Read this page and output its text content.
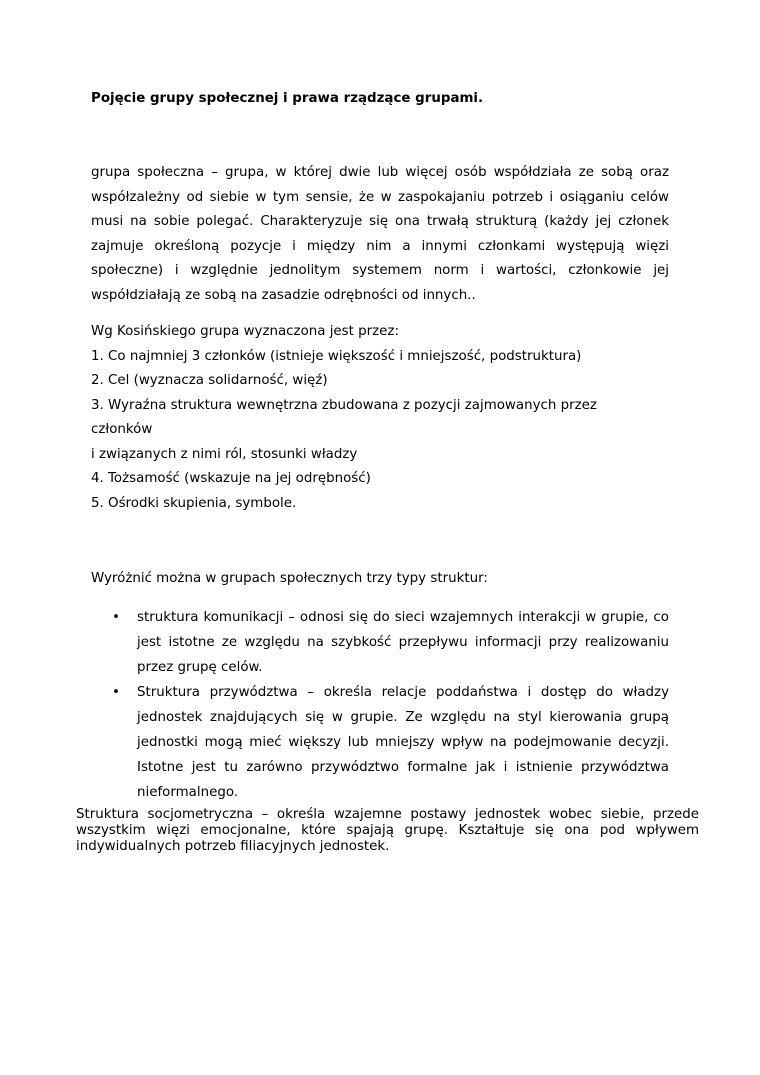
Pojęcie grupy społecznej i prawa rządzące grupami.

grupa społeczna – grupa, w której dwie lub więcej osób współdziała ze sobą oraz współzależny od siebie w tym sensie, że w zaspokajaniu potrzeb i osiąganiu celów musi na sobie polegać. Charakteryzuje się ona trwałą strukturą (każdy jej członek zajmuje określoną pozycje i między nim a innymi członkami występują więzi społeczne) i względnie jednolitym systemem norm i wartości, członkowie jej współdziałają ze sobą na zasadzie odrębności od innych..

Wg Kosińskiego grupa wyznaczona jest przez:
1. Co najmniej 3 członków (istnieje większość i mniejszość, podstruktura)
2. Cel (wyznacza solidarność, więź)
3. Wyraźna struktura wewnętrzna zbudowana z pozycji zajmowanych przez
członków
i związanych z nimi ról, stosunki władzy
4. Tożsamość (wskazuje na jej odrębność)
5. Ośrodki skupienia, symbole.
Wyróżnić można w grupach społecznych trzy typy struktur:
•	struktura komunikacji – odnosi się do sieci wzajemnych interakcji w grupie, co jest istotne ze względu na szybkość przepływu informacji przy realizowaniu przez grupę celów.
•	Struktura przywództwa – określa relacje poddaństwa i dostęp do władzy jednostek znajdujących się w grupie. Ze względu na styl kierowania grupą jednostki mogą mieć większy lub mniejszy wpływ na podejmowanie decyzji. Istotne jest tu zarówno przywództwo formalne jak i istnienie przywództwa nieformalnego.
Struktura socjometryczna – określa wzajemne postawy jednostek wobec siebie, przede wszystkim więzi emocjonalne, które spajają grupę. Kształtuje się ona pod wpływem indywidualnych potrzeb filiacyjnych jednostek.
